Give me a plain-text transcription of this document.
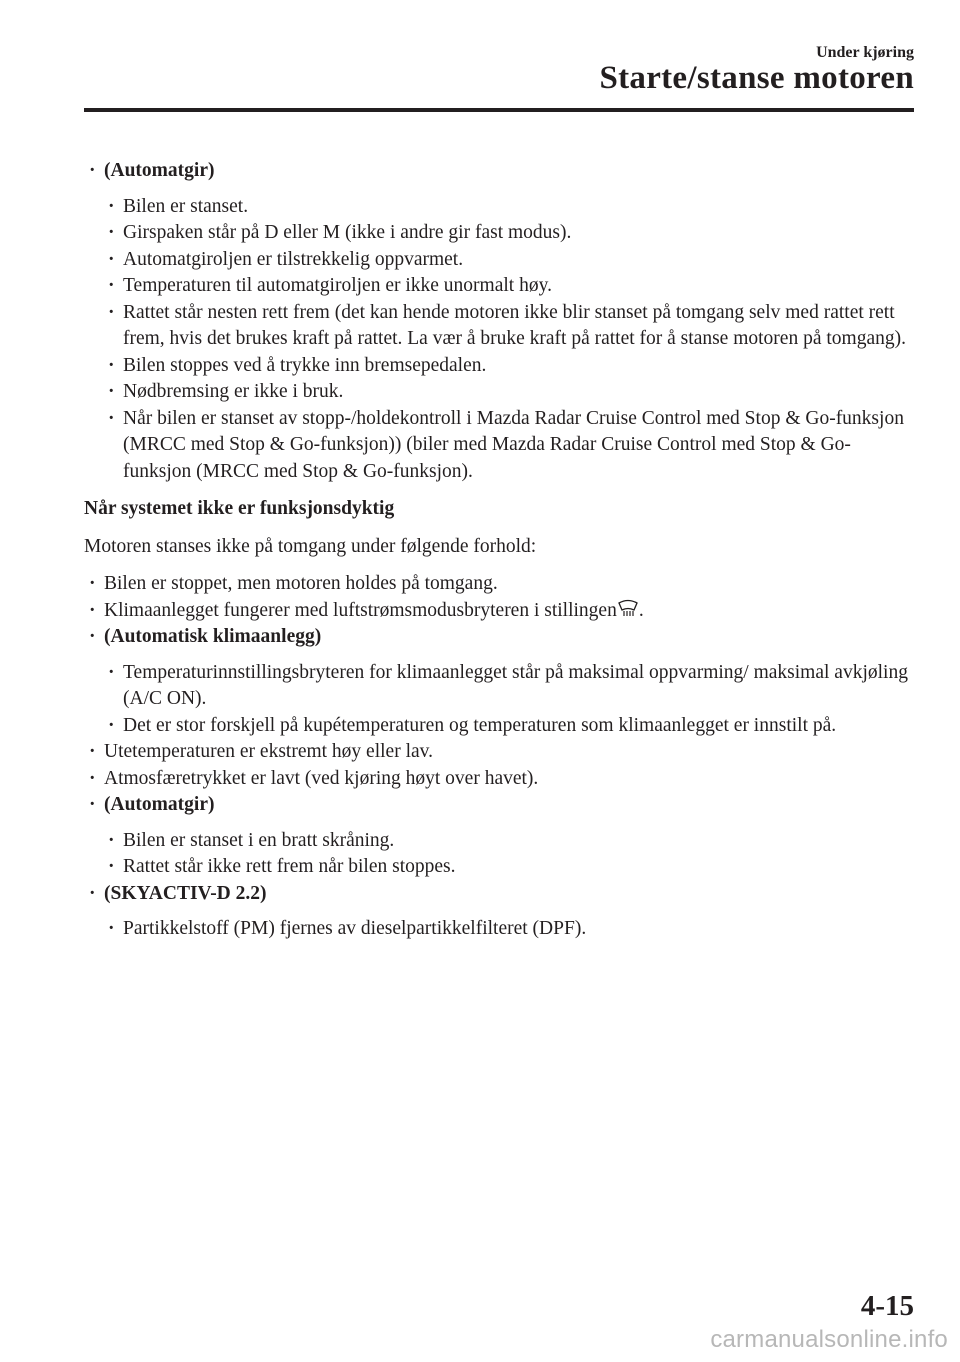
Under kjøring
Starte/stanse motoren
· (Automatgir)
· Bilen er stanset.
· Girspaken står på D eller M (ikke i andre gir fast modus).
· Automatgiroljen er tilstrekkelig oppvarmet.
· Temperaturen til automatgiroljen er ikke unormalt høy.
· Rattet står nesten rett frem (det kan hende motoren ikke blir stanset på tomgang selv med rattet rett frem, hvis det brukes kraft på rattet. La vær å bruke kraft på rattet for å stanse motoren på tomgang).
· Bilen stoppes ved å trykke inn bremsepedalen.
· Nødbremsing er ikke i bruk.
· Når bilen er stanset av stopp-/holdekontroll i Mazda Radar Cruise Control med Stop & Go-funksjon (MRCC med Stop & Go-funksjon)) (biler med Mazda Radar Cruise Control med Stop & Go-funksjon (MRCC med Stop & Go-funksjon).
Når systemet ikke er funksjonsdyktig
Motoren stanses ikke på tomgang under følgende forhold:
· Bilen er stoppet, men motoren holdes på tomgang.
· Klimaanlegget fungerer med luftstrømsmodusbryteren i stillingen .
· (Automatisk klimaanlegg)
· Temperaturinnstillingsbryteren for klimaanlegget står på maksimal oppvarming/ maksimal avkjøling (A/C ON).
· Det er stor forskjell på kupétemperaturen og temperaturen som klimaanlegget er innstilt på.
· Utetemperaturen er ekstremt høy eller lav.
· Atmosfæretrykket er lavt (ved kjøring høyt over havet).
· (Automatgir)
· Bilen er stanset i en bratt skråning.
· Rattet står ikke rett frem når bilen stoppes.
· (SKYACTIV-D 2.2)
· Partikkelstoff (PM) fjernes av dieselpartikkelfilteret (DPF).
4-15
carmanualsonline.info
